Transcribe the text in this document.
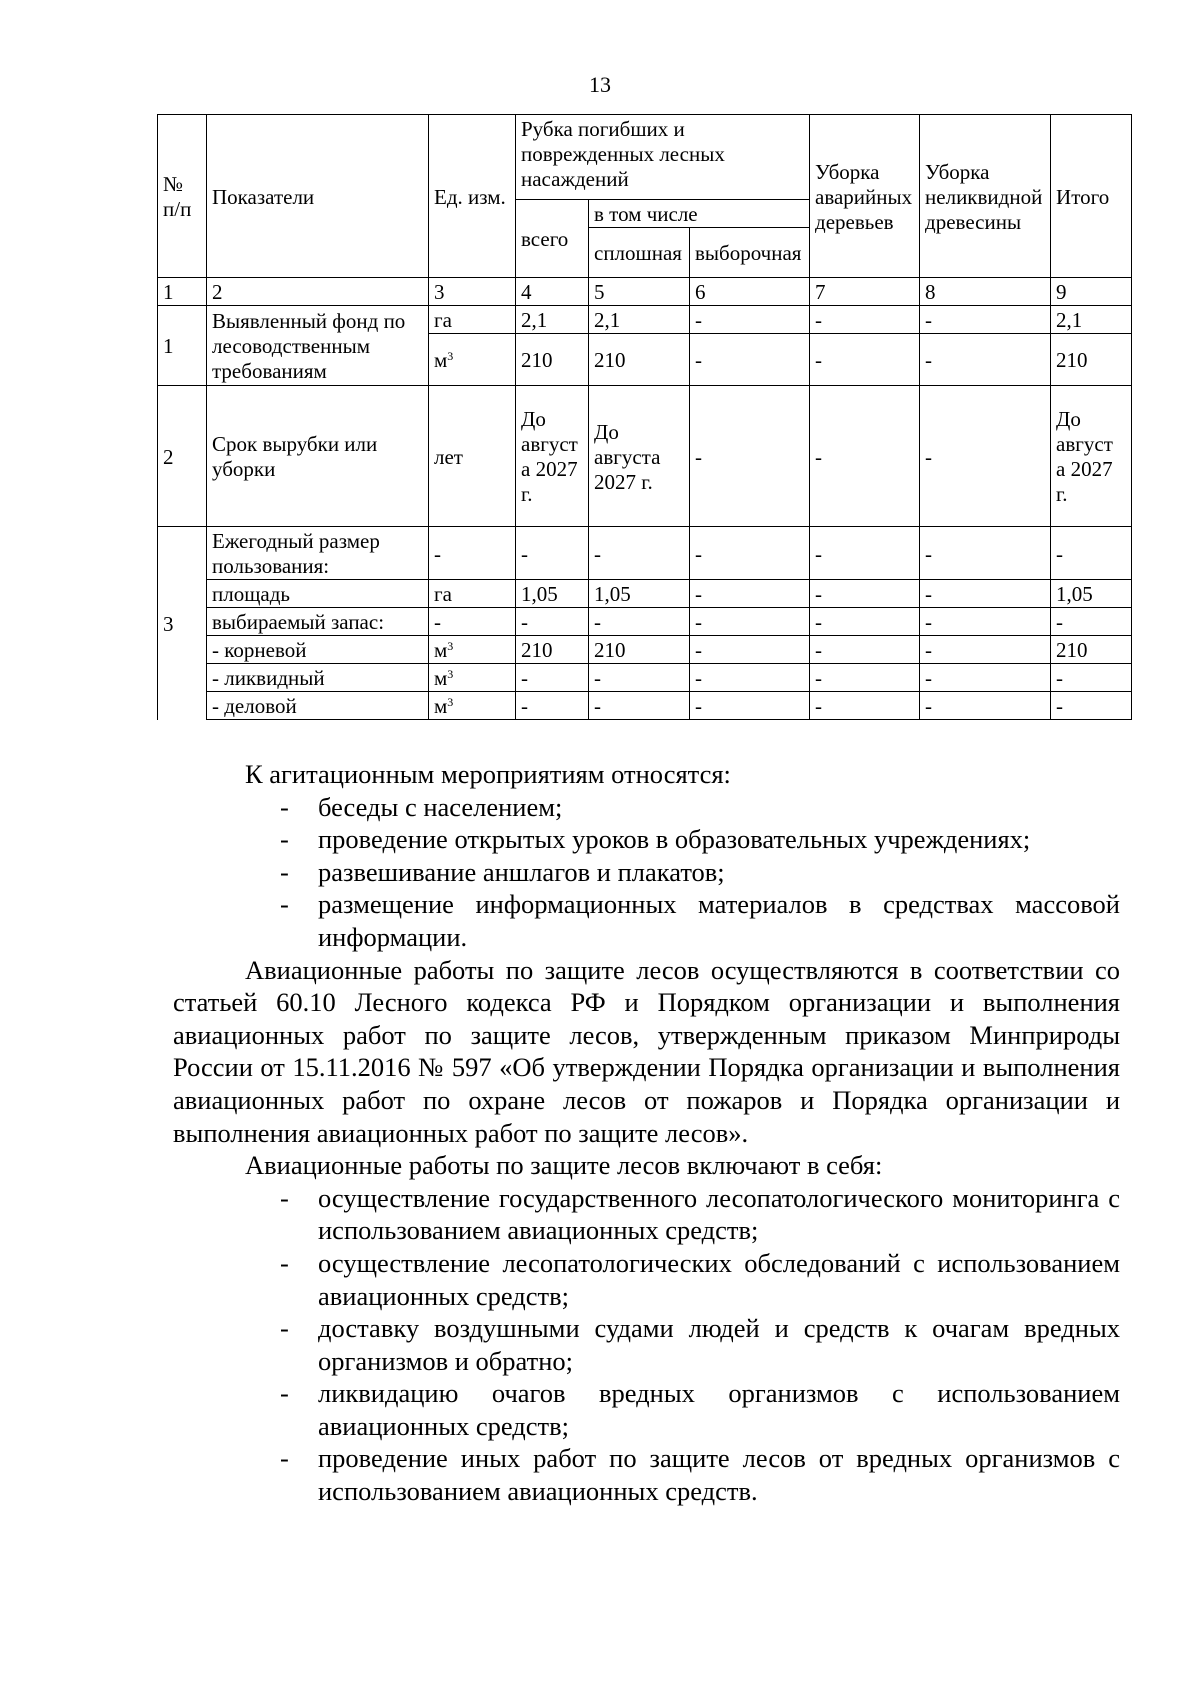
13
№ п/п	Показатели	Ед. изм.	Рубка погибших и поврежденных лесных насаждений			Уборка аварийных деревьев	Уборка неликвидной древесины	Итого
			всего	в том числе				
				сплошная	выборочная			
1	2	3	4	5	6	7	8	9
1	Выявленный фонд по лесоводственным требованиям	га	2,1	2,1	-	-	-	2,1
		$м^3$	210	210	-	-	-	210
2	Срок вырубки или уборки	лет	До август а 2027 г.	До августа 2027 г.	-	-	-	До август а 2027 г.
3	Ежегодный размер пользования:	-	-	-	-	-	-	-
	площадь	га	1,05	1,05	-	-	-	1,05
	выбираемый запас:	-	-	-	-	-	-	-
	- корневой	$м^3$	210	210	-	-	-	210
	- ликвидный	$м^3$	-	-	-	-	-	-
	- деловой	$м^3$	-	-	-	-	-	-

К агитационным мероприятиям относятся:

- беседы с населением;
- проведение открытых уроков в образовательных учреждениях;
- развешивание аншлагов и плакатов;
- размещение информационных материалов в средствах массовой информации.

Авиационные работы по защите лесов осуществляются в соответствии со статьей 60.10 Лесного кодекса РФ и Порядком организации и выполнения авиационных работ по защите лесов, утвержденным приказом Минприроды России от 15.11.2016 № 597 «Об утверждении Порядка организации и выполнения авиационных работ по охране лесов от пожаров и Порядка организации и выполнения авиационных работ по защите лесов».

Авиационные работы по защите лесов включают в себя:

- осуществление государственного лесопатологического мониторинга с использованием авиационных средств;
- осуществление лесопатологических обследований с использованием авиационных средств;
- доставку воздушными судами людей и средств к очагам вредных организмов и обратно;
- ликвидацию очагов вредных организмов с использованием авиационных средств;
- проведение иных работ по защите лесов от вредных организмов с использованием авиационных средств.
